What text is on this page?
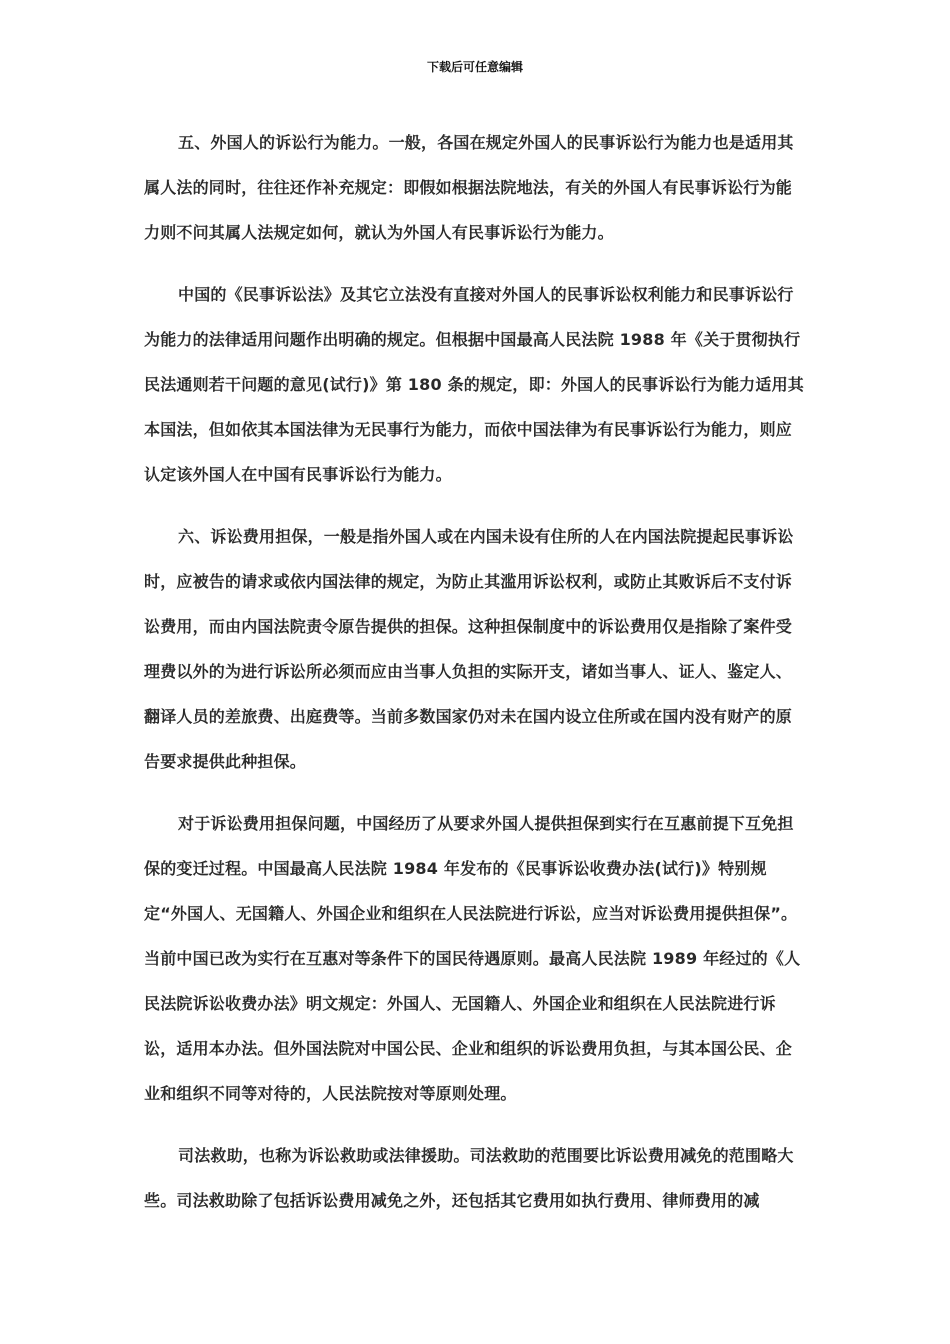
下载后可任意编辑

五、外国人的诉讼行为能力。一般，各国在规定外国人的民事诉讼行为能力也是适用其属人法的同时，往往还作补充规定：即假如根据法院地法，有关的外国人有民事诉讼行为能力则不问其属人法规定如何，就认为外国人有民事诉讼行为能力。

中国的《民事诉讼法》及其它立法没有直接对外国人的民事诉讼权利能力和民事诉讼行为能力的法律适用问题作出明确的规定。但根据中国最高人民法院 1988 年《关于贯彻执行民法通则若干问题的意见(试行)》第 180 条的规定，即：外国人的民事诉讼行为能力适用其本国法，但如依其本国法律为无民事行为能力，而依中国法律为有民事诉讼行为能力，则应认定该外国人在中国有民事诉讼行为能力。

六、诉讼费用担保，一般是指外国人或在内国未设有住所的人在内国法院提起民事诉讼时，应被告的请求或依内国法律的规定，为防止其滥用诉讼权利，或防止其败诉后不支付诉讼费用，而由内国法院责令原告提供的担保。这种担保制度中的诉讼费用仅是指除了案件受理费以外的为进行诉讼所必须而应由当事人负担的实际开支，诸如当事人、证人、鉴定人、翻译人员的差旅费、出庭费等。当前多数国家仍对未在国内设立住所或在国内没有财产的原告要求提供此种担保。

对于诉讼费用担保问题，中国经历了从要求外国人提供担保到实行在互惠前提下互免担保的变迁过程。中国最高人民法院 1984 年发布的《民事诉讼收费办法(试行)》特别规定“外国人、无国籍人、外国企业和组织在人民法院进行诉讼，应当对诉讼费用提供担保”。当前中国已改为实行在互惠对等条件下的国民待遇原则。最高人民法院 1989 年经过的《人民法院诉讼收费办法》明文规定：外国人、无国籍人、外国企业和组织在人民法院进行诉讼，适用本办法。但外国法院对中国公民、企业和组织的诉讼费用负担，与其本国公民、企业和组织不同等对待的，人民法院按对等原则处理。

司法救助，也称为诉讼救助或法律援助。司法救助的范围要比诉讼费用减免的范围略大些。司法救助除了包括诉讼费用减免之外，还包括其它费用如执行费用、律师费用的减
